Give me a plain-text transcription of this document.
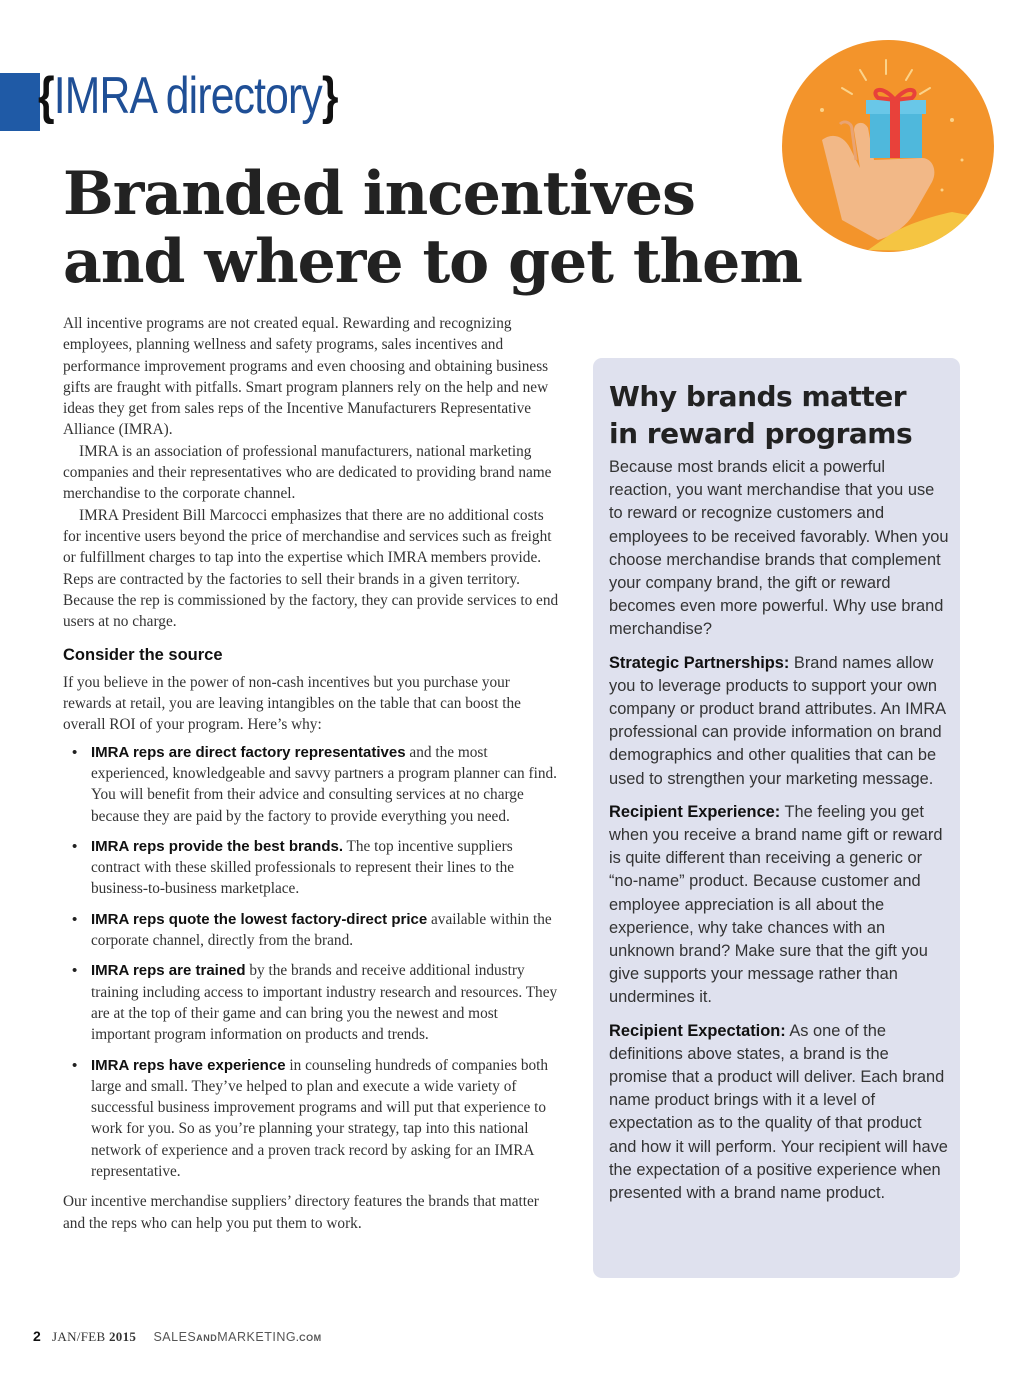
{IMRA directory}
Branded incentives
and where to get them

All incentive programs are not created equal. Rewarding and recognizing employees, planning wellness and safety programs, sales incentives and performance improvement programs and even choosing and obtaining business gifts are fraught with pitfalls. Smart program planners rely on the help and new ideas they get from sales reps of the Incentive Manufacturers Representative Alliance (IMRA).

IMRA is an association of professional manufacturers, national marketing companies and their representatives who are dedicated to providing brand name merchandise to the corporate channel.

IMRA President Bill Marcocci emphasizes that there are no additional costs for incentive users beyond the price of merchandise and services such as freight or fulfillment charges to tap into the expertise which IMRA members provide. Reps are contracted by the factories to sell their brands in a given territory. Because the rep is commissioned by the factory, they can provide services to end users at no charge.

Consider the source

If you believe in the power of non-cash incentives but you purchase your rewards at retail, you are leaving intangibles on the table that can boost the overall ROI of your program. Here’s why:

• IMRA reps are direct factory representatives and the most experienced, knowledgeable and savvy partners a program planner can find. You will benefit from their advice and consulting services at no charge because they are paid by the factory to provide everything you need.
• IMRA reps provide the best brands. The top incentive suppliers contract with these skilled professionals to represent their lines to the business-to-business marketplace.
• IMRA reps quote the lowest factory-direct price available within the corporate channel, directly from the brand.
• IMRA reps are trained by the brands and receive additional industry training including access to important industry research and resources. They are at the top of their game and can bring you the newest and most important program information on products and trends.
• IMRA reps have experience in counseling hundreds of companies both large and small. They’ve helped to plan and execute a wide variety of successful business improvement programs and will put that experience to work for you. So as you’re planning your strategy, tap into this national network of experience and a proven track record by asking for an IMRA representative.

Our incentive merchandise suppliers’ directory features the brands that matter and the reps who can help you put them to work.

Why brands matter
in reward programs

Because most brands elicit a powerful reaction, you want merchandise that you use to reward or recognize customers and employees to be received favorably. When you choose merchandise brands that complement your company brand, the gift or reward becomes even more powerful. Why use brand merchandise?

Strategic Partnerships: Brand names allow you to leverage products to support your own company or product brand attributes. An IMRA professional can provide information on brand demographics and other qualities that can be used to strengthen your marketing message.

Recipient Experience: The feeling you get when you receive a brand name gift or reward is quite different than receiving a generic or “no-name” product. Because customer and employee appreciation is all about the experience, why take chances with an unknown brand? Make sure that the gift you give supports your message rather than undermines it.

Recipient Expectation: As one of the definitions above states, a brand is the promise that a product will deliver. Each brand name product brings with it a level of expectation as to the quality of that product and how it will perform. Your recipient will have the expectation of a positive experience when presented with a brand name product.

2 JAN/FEB 2015 SALESANDMARKETING.COM
